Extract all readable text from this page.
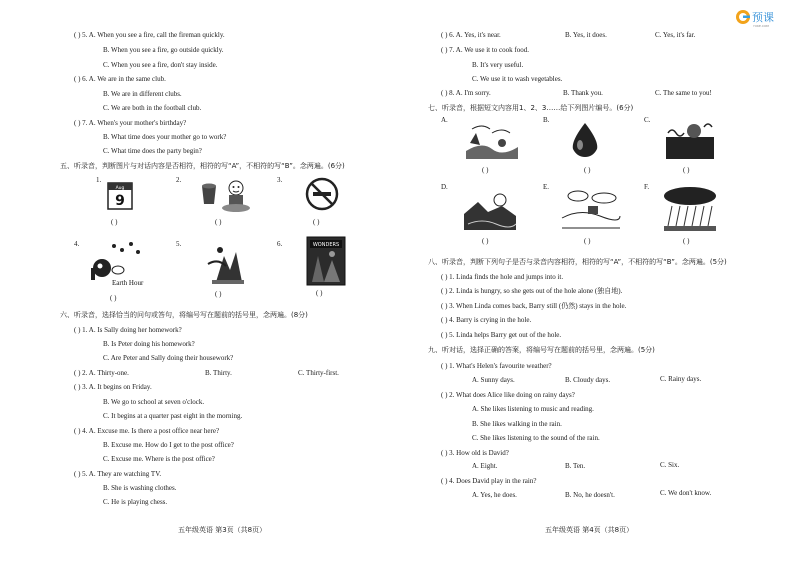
预课
YUKE.COM
( ) 5. A. When you see a fire, call the fireman quickly.
B. When you see a fire, go outside quickly.
C. When you see a fire, don't stay inside.
( ) 6. A. We are in the same club.
B. We are in different clubs.
C. We are both in the football club.
( ) 7. A. When's your mother's birthday?
B. What time does your mother go to work?
C. What time does the party begin?
五、听录音，判断图片与对话内容是否相符，相符的写“A”，不相符的写“B”。念两遍。(6分)
1.
Aug
9
( )
2.
( )
3.
( )
4.
Earth Hour
( )
5.
( )
6.	WONDERS
( )
六、听录音，选择恰当的问句或答句，将编号写在题前的括号里，念两遍。(8分)
( ) 1. A. Is Sally doing her homework?
B. Is Peter doing his homework?
C. Are Peter and Sally doing their housework?
( ) 2. A. Thirty-one.	B. Thirty.	C. Thirty-first.
( ) 3. A. It begins on Friday.
B. We go to school at seven o'clock.
C. It begins at a quarter past eight in the morning.
( ) 4. A. Excuse me. Is there a post office near here?
B. Excuse me. How do I get to the post office?
C. Excuse me. Where is the post office?
( ) 5. A. They are watching TV.
B. She is washing clothes.
C. He is playing chess.
五年级英语 第3页（共8页）
( ) 6. A. Yes, it's near.	B. Yes, it does.	C. Yes, it's far.
( ) 7. A. We use it to cook food.
B. It's very useful.
C. We use it to wash vegetables.
( ) 8. A. I'm sorry.	B. Thank you.	C. The same to you!
七、听录音，根据短文内容用1、2、3……给下列图片编号。(6分)
A.
( )
B.
( )
C.
( )
D.
( )
E.
( )
F.
( )
八、听录音，判断下列句子是否与录音内容相符，相符的写“A”，不相符的写“B”。念两遍。(5分)
( ) 1. Linda finds the hole and jumps into it.
( ) 2. Linda is hungry, so she gets out of the hole alone (独自地).
( ) 3. When Linda comes back, Barry still (仍然) stays in the hole.
( ) 4. Barry is crying in the hole.
( ) 5. Linda helps Barry get out of the hole.
九、听对话，选择正确的答案，将编号写在题前的括号里，念两遍。(5分)
( ) 1. What's Helen's favourite weather?
A. Sunny days.	B. Cloudy days.	C. Rainy days.
( ) 2. What does Alice like doing on rainy days?
A. She likes listening to music and reading.
B. She likes walking in the rain.
C. She likes listening to the sound of the rain.
( ) 3. How old is David?
A. Eight.	B. Ten.	C. Six.
( ) 4. Does David play in the rain?
A. Yes, he does.	B. No, he doesn't.	C. We don't know.
五年级英语 第4页（共8页）
